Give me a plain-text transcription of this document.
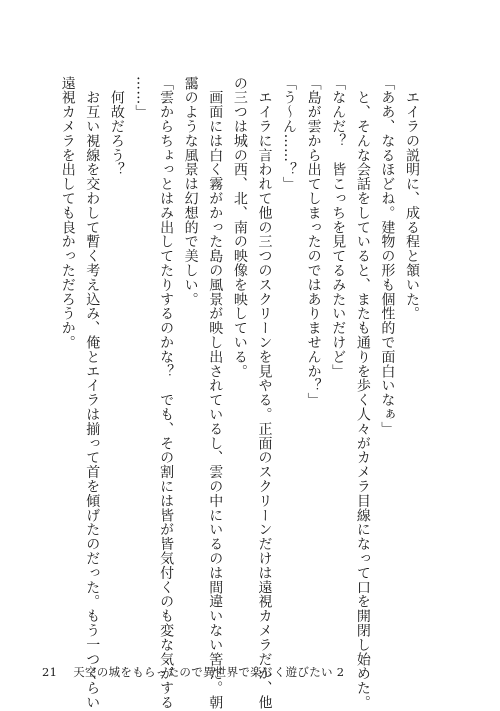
　エイラの説明に、成る程と頷いた。

「ああ、なるほどね。建物の形も個性的で面白いなぁ」

　と、そんな会話をしていると、またも通りを歩く人々がカメラ目線になって口を開閉し始めた。

「なんだ？　皆こっちを見てるみたいだけど」

「島が雲から出てしまったのではありませんか？」

「う～ん……？」

　エイラに言われて他の三つのスクリーンを見やる。正面のスクリーンだけは遠視カメラだが、他

の三つは城の西、北、南の映像を映している。

　画面には白く霧がかった島の風景が映し出されているし、雲の中にいるのは間違いない筈だ。朝

靄のような風景は幻想的で美しい。

「雲からちょっとはみ出してたりするのかな？　でも、その割には皆が皆気付くのも変な気がする

……」

　何故だろう？

　お互い視線を交わして暫く考え込み、俺とエイラは揃って首を傾げたのだった。もう一つくらい

遠視カメラを出しても良かっただろうか。

21 天空の城をもらったので異世界で楽しく遊びたい 2
